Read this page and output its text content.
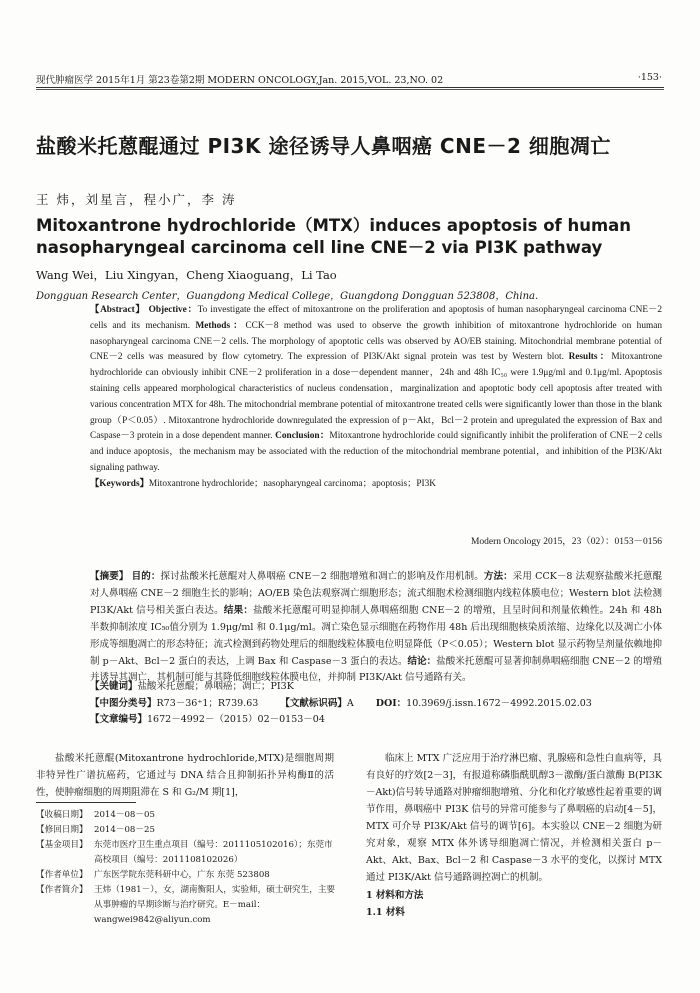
现代肿瘤医学 2015年1月 第23卷第2期 MODERN ONCOLOGY,Jan. 2015,VOL. 23,NO. 02	·153·
盐酸米托蒽醌通过 PI3K 途径诱导人鼻咽癌 CNE－2 细胞凋亡
王 炜，刘星言，程小广，李 涛
Mitoxantrone hydrochloride（MTX）induces apoptosis of human nasopharyngeal carcinoma cell line CNE－2 via PI3K pathway
Wang Wei，Liu Xingyan，Cheng Xiaoguang，Li Tao
Dongguan Research Center，Guangdong Medical College，Guangdong Dongguan 523808，China.

【Abstract】 Objective：To investigate the effect of mitoxantrone on the proliferation and apoptosis of human nasopharyngeal carcinoma CNE－2 cells and its mechanism. Methods：CCK－8 method was used to observe the growth inhibition of mitoxantrone hydrochloride on human nasopharyngeal carcinoma CNE－2 cells. The morphology of apoptotic cells was observed by AO/EB staining. Mitochondrial membrane potential of CNE－2 cells was measured by flow cytometry. The expression of PI3K/Akt signal protein was test by Western blot. Results：Mitoxantrone hydrochloride can obviously inhibit CNE－2 proliferation in a dose－dependent manner，24h and 48h IC₅₀ were 1.9μg/ml and 0.1μg/ml. Apoptosis staining cells appeared morphological characteristics of nucleus condensation，marginalization and apoptotic body cell apoptosis after treated with various concentration MTX for 48h. The mitochondrial membrane potential of mitoxantrone treated cells were significantly lower than those in the blank group（P＜0.05）. Mitoxantrone hydrochloride downregulated the expression of p－Akt，Bcl－2 protein and upregulated the expression of Bax and Caspase－3 protein in a dose dependent manner. Conclusion：Mitoxantrone hydrochloride could significantly inhibit the proliferation of CNE－2 cells and induce apoptosis，the mechanism may be associated with the reduction of the mitochondrial membrane potential，and inhibition of the PI3K/Akt signaling pathway.

【Keywords】Mitoxantrone hydrochloride；nasopharyngeal carcinoma；apoptosis；PI3K

Modern Oncology 2015，23（02）：0153－0156

【摘要】 目的：探讨盐酸米托蒽醌对人鼻咽癌 CNE－2 细胞增殖和凋亡的影响及作用机制。方法：采用 CCK－8 法观察盐酸米托蒽醌对人鼻咽癌 CNE－2 细胞生长的影响；AO/EB 染色法观察凋亡细胞形态；流式细胞术检测细胞内线粒体膜电位；Western blot 法检测 PI3K/Akt 信号相关蛋白表达。结果：盐酸米托蒽醌可明显抑制人鼻咽癌细胞 CNE－2 的增殖，且呈时间和剂量依赖性。24h 和 48h 半数抑制浓度 IC₅₀值分别为 1.9μg/ml 和 0.1μg/ml。凋亡染色显示细胞在药物作用 48h 后出现细胞核染质浓缩、边缘化以及凋亡小体形成等细胞凋亡的形态特征；流式检测到药物处理后的细胞线粒体膜电位明显降低（P＜0.05）；Western blot 显示药物呈剂量依赖地抑制 p－Akt、Bcl－2 蛋白的表达，上调 Bax 和 Caspase－3 蛋白的表达。结论：盐酸米托蒽醌可显著抑制鼻咽癌细胞 CNE－2 的增殖并诱导其凋亡，其机制可能与其降低细胞线粒体膜电位，并抑制 PI3K/Akt 信号通路有关。

【关键词】盐酸米托蒽醌；鼻咽癌；凋亡；PI3K
【中图分类号】R73－36⁺1；R739.63 【文献标识码】A DOI：10.3969/j.issn.1672－4992.2015.02.03
【文章编号】1672－4992－（2015）02－0153－04

盐酸米托蒽醌(Mitoxantrone hydrochloride,MTX)是细胞周期非特异性广谱抗癌药，它通过与 DNA 结合且抑制拓扑异构酶Ⅱ的活性，使肿瘤细胞的周期阻滞在 S 和 G₂/M 期[1]，

【收稿日期】 2014－08－05
【修回日期】 2014－08－25
【基金项目】 东莞市医疗卫生重点项目（编号：2011105102016）；东莞市高校项目（编号：2011108102026）
【作者单位】 广东医学院东莞科研中心，广东 东莞 523808
【作者简介】 王炜（1981－），女，湖南衡阳人，实验师，硕士研究生，主要从事肿瘤的早期诊断与治疗研究。E－mail：wangwei9842@aliyun.com

临床上 MTX 广泛应用于治疗淋巴瘤、乳腺癌和急性白血病等，具有良好的疗效[2－3]，有报道称磷脂酰肌醇3－激酶/蛋白激酶 B(PI3K－Akt)信号转导通路对肿瘤细胞增殖、分化和化疗敏感性起着重要的调节作用，鼻咽癌中 PI3K 信号的异常可能参与了鼻咽癌的启动[4－5]，MTX 可介导 PI3K/Akt 信号的调节[6]。本实验以 CNE－2 细胞为研究对象，观察 MTX 体外诱导细胞凋亡情况，并检测相关蛋白 p－Akt、Akt、Bax、Bcl－2 和 Caspase－3 水平的变化，以探讨 MTX 通过 PI3K/Akt 信号通路调控凋亡的机制。

1 材料和方法

1.1 材料
